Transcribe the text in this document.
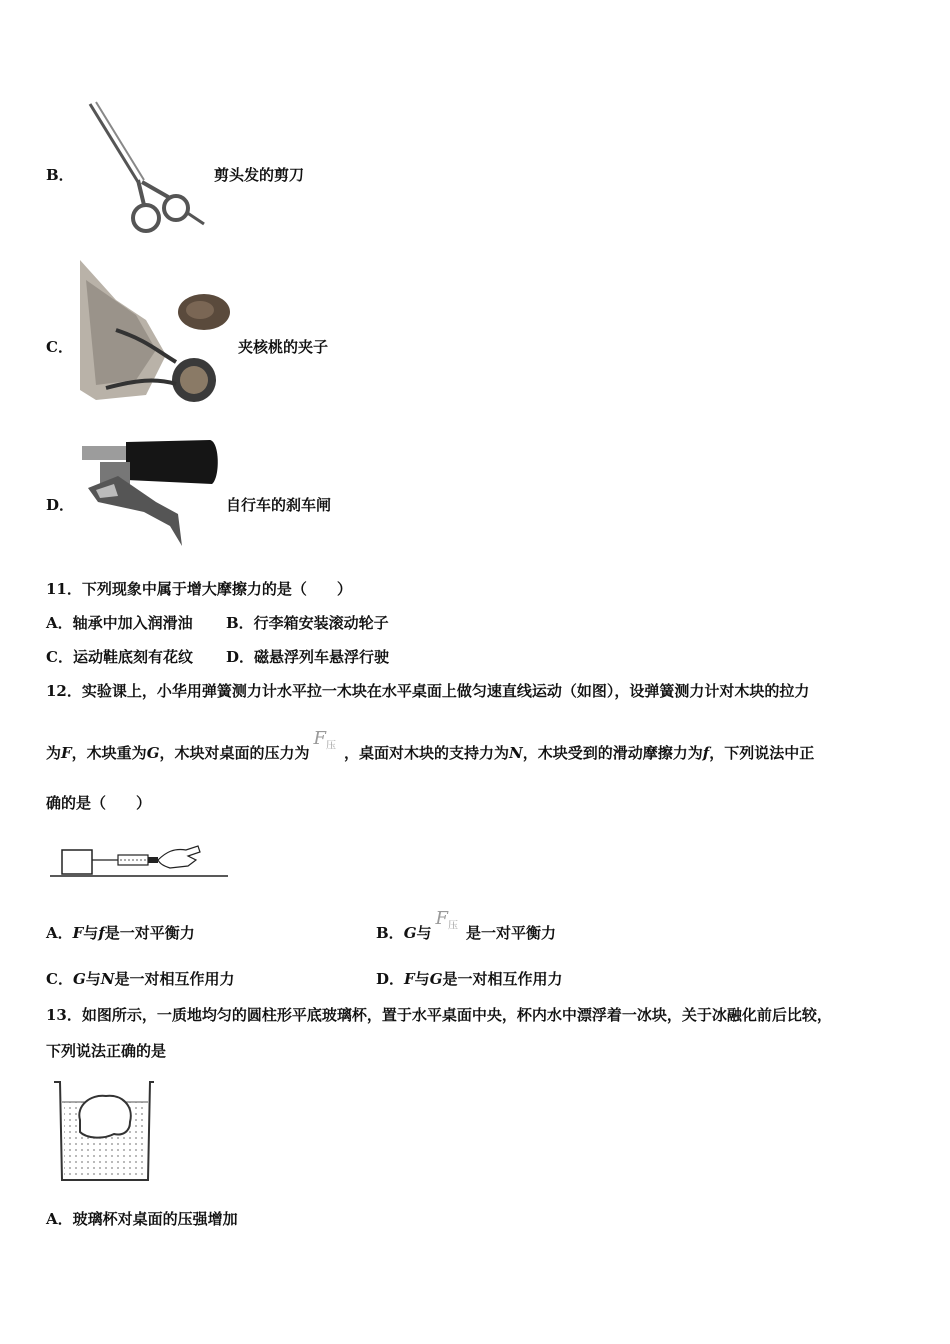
B．	剪头发的剪刀
C．	夹核桃的夹子
D．	自行车的刹车闸
11．下列现象中属于增大摩擦力的是（　　）
A．轴承中加入润滑油 B．行李箱安装滚动轮子
C．运动鞋底刻有花纹 D．磁悬浮列车悬浮行驶
12．实验课上，小华用弹簧测力计水平拉一木块在水平桌面上做匀速直线运动（如图），设弹簧测力计对木块的拉力
为F，木块重为G，木块对桌面的压力为$F_压$ ，桌面对木块的支持力为N，木块受到的滑动摩擦力为f，下列说法中正
确的是（　　）
A．F与f是一对平衡力	B．G与$F_压$ 是一对平衡力
C．G与N是一对相互作用力	D．F与G是一对相互作用力
13．如图所示，一质地均匀的圆柱形平底玻璃杯，置于水平桌面中央，杯内水中漂浮着一冰块，关于冰融化前后比较，
下列说法正确的是
A．玻璃杯对桌面的压强增加
